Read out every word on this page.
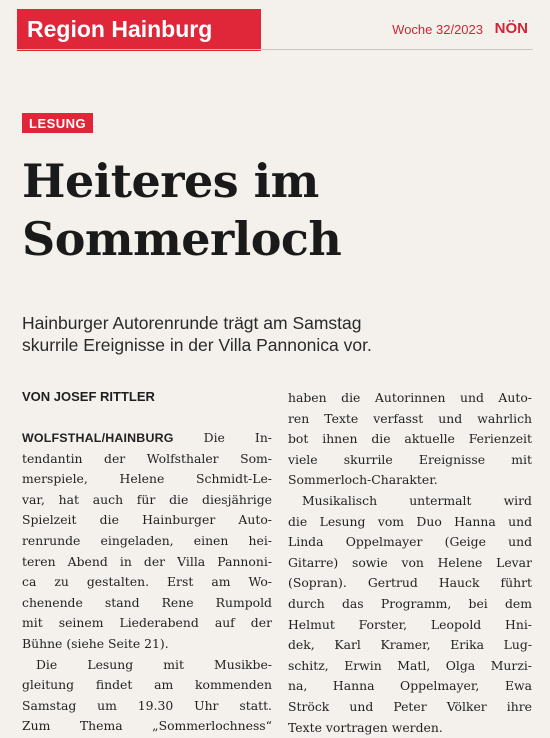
Region Hainburg	Woche 32/2023 NÖN
LESUNG
Heiteres im
Sommerloch
Hainburger Autorenrunde trägt am Samstag
skurrile Ereignisse in der Villa Pannonica vor.
VON JOSEF RITTLER
WOLFSTHAL/HAINBURG Die In-
tendantin der Wolfsthaler Som-
merspiele, Helene Schmidt-Le-
var, hat auch für die diesjährige
Spielzeit die Hainburger Auto-
renrunde eingeladen, einen hei-
teren Abend in der Villa Pannoni-
ca zu gestalten. Erst am Wo-
chenende stand Rene Rumpold
mit seinem Liederabend auf der
Bühne (siehe Seite 21).
Die Lesung mit Musikbe-
gleitung findet am kommenden
Samstag um 19.30 Uhr statt.
Zum Thema „Sommerlochness“
haben die Autorinnen und Auto-
ren Texte verfasst und wahrlich
bot ihnen die aktuelle Ferienzeit
viele skurrile Ereignisse mit
Sommerloch-Charakter.
Musikalisch untermalt wird
die Lesung vom Duo Hanna und
Linda Oppelmayer (Geige und
Gitarre) sowie von Helene Levar
(Sopran). Gertrud Hauck führt
durch das Programm, bei dem
Helmut Forster, Leopold Hni-
dek, Karl Kramer, Erika Lug-
schitz, Erwin Matl, Olga Murzi-
na, Hanna Oppelmayer, Ewa
Ströck und Peter Völker ihre
Texte vortragen werden.
